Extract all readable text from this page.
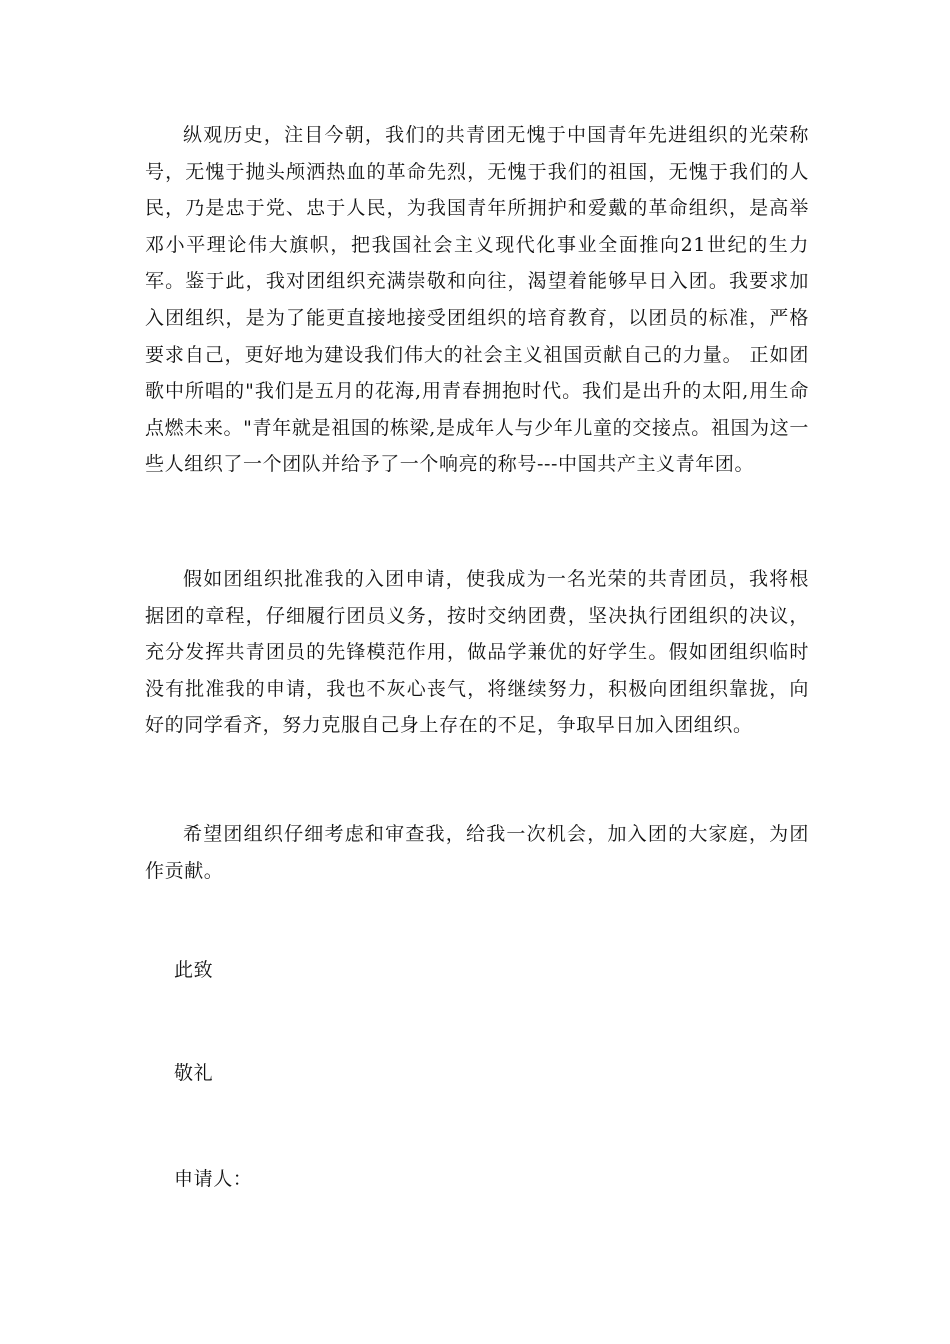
纵观历史，注目今朝，我们的共青团无愧于中国青年先进组织的光荣称号，无愧于抛头颅洒热血的革命先烈，无愧于我们的祖国，无愧于我们的人民，乃是忠于党、忠于人民，为我国青年所拥护和爱戴的革命组织，是高举邓小平理论伟大旗帜，把我国社会主义现代化事业全面推向21世纪的生力军。鉴于此，我对团组织充满崇敬和向往，渴望着能够早日入团。我要求加入团组织，是为了能更直接地接受团组织的培育教育，以团员的标准，严格要求自己，更好地为建设我们伟大的社会主义祖国贡献自己的力量。 正如团歌中所唱的"我们是五月的花海,用青春拥抱时代。我们是出升的太阳,用生命点燃未来。"青年就是祖国的栋梁,是成年人与少年儿童的交接点。祖国为这一些人组织了一个团队并给予了一个响亮的称号---中国共产主义青年团。

假如团组织批准我的入团申请，使我成为一名光荣的共青团员，我将根据团的章程，仔细履行团员义务，按时交纳团费，坚决执行团组织的决议，充分发挥共青团员的先锋模范作用，做品学兼优的好学生。假如团组织临时没有批准我的申请，我也不灰心丧气，将继续努力，积极向团组织靠拢，向好的同学看齐，努力克服自己身上存在的不足，争取早日加入团组织。

希望团组织仔细考虑和审查我，给我一次机会，加入团的大家庭，为团作贡献。

此致

敬礼

申请人：
